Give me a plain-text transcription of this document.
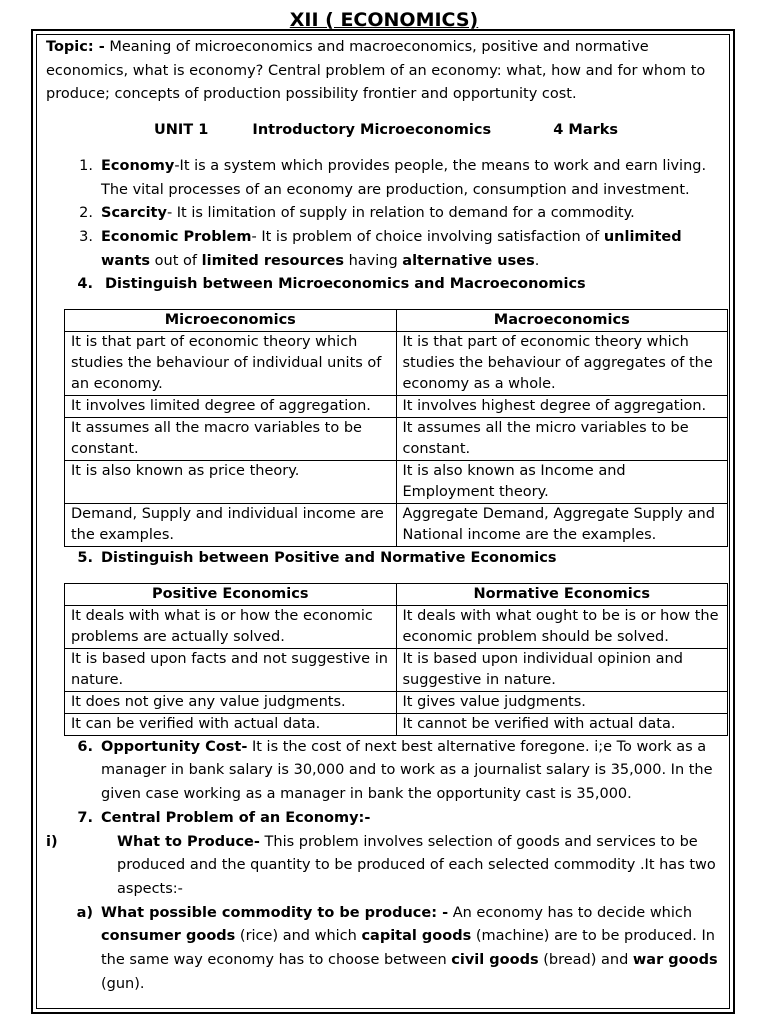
XII ( ECONOMICS)

Topic: - Meaning of microeconomics and macroeconomics, positive and normative economics, what is economy? Central problem of an economy: what, how and for whom to produce; concepts of production possibility frontier and opportunity cost.

UNIT 1	Introductory Microeconomics	4 Marks
1. Economy-It is a system which provides people, the means to work and earn living. The vital processes of an economy are production, consumption and investment.
2. Scarcity- It is limitation of supply in relation to demand for a commodity.
3. Economic Problem- It is problem of choice involving satisfaction of unlimited wants out of limited resources having alternative uses.
4. Distinguish between Microeconomics and Macroeconomics
Microeconomics	Macroeconomics
It is that part of economic theory which studies the behaviour of individual units of an economy.	It is that part of economic theory which studies the behaviour of aggregates of the economy as a whole.
It involves limited degree of aggregation.	It involves highest degree of aggregation.
It assumes all the macro variables to be constant.	It assumes all the micro variables to be constant.
It is also known as price theory.	It is also known as Income and Employment theory.
Demand, Supply and individual income are the examples.	Aggregate Demand, Aggregate Supply and National income are the examples.
5. Distinguish between Positive and Normative Economics
Positive Economics	Normative Economics
It deals with what is or how the economic problems are actually solved.	It deals with what ought to be is or how the economic problem should be solved.
It is based upon facts and not suggestive in nature.	It is based upon individual opinion and suggestive in nature.
It does not give any value judgments.	It gives value judgments.
It can be verified with actual data.	It cannot be verified with actual data.
6. Opportunity Cost- It is the cost of next best alternative foregone. i;e To work as a manager in bank salary is 30,000 and to work as a journalist salary is 35,000. In the given case working as a manager in bank the opportunity cast is 35,000.
7. Central Problem of an Economy:-
i)	What to Produce- This problem involves selection of goods and services to be produced and the quantity to be produced of each selected commodity .It has two aspects:-
a) What possible commodity to be produce: - An economy has to decide which consumer goods (rice) and which capital goods (machine) are to be produced. In the same way economy has to choose between civil goods (bread) and war goods (gun).
